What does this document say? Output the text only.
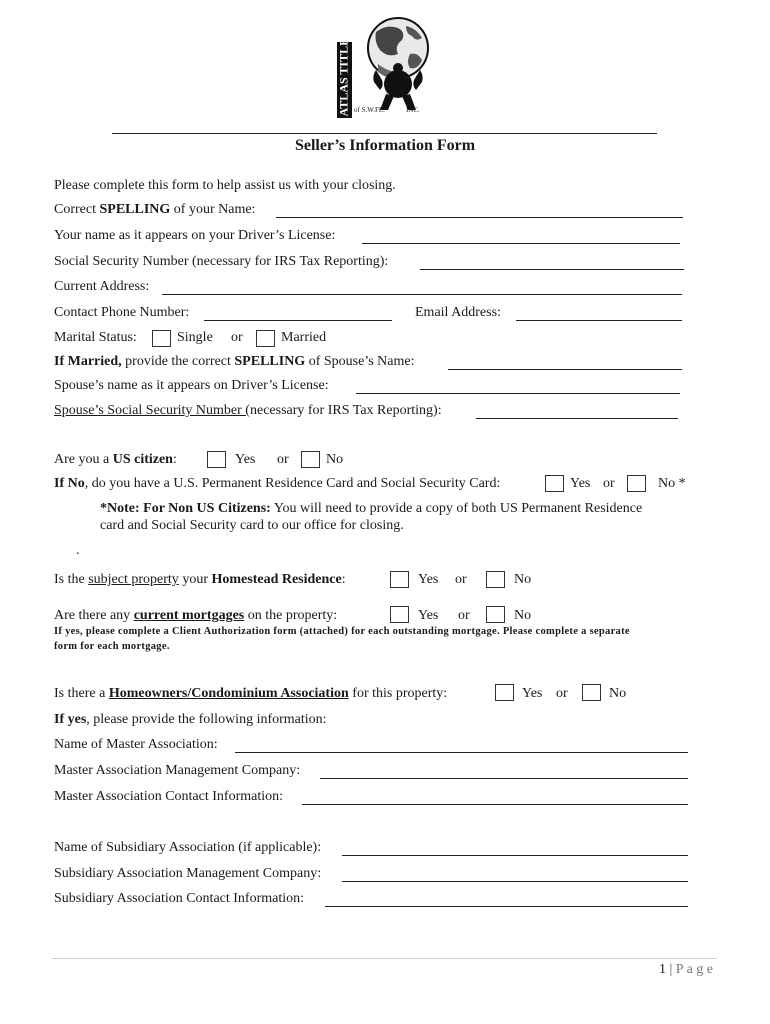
ATLAS TITLE of S.W.FL.	INC.
Seller’s Information Form
Please complete this form to help assist us with your closing.
Correct SPELLING of your Name:
Your name as it appears on your Driver’s License:
Social Security Number (necessary for IRS Tax Reporting):
Current Address:
Contact Phone Number:	Email Address:
Marital Status:	Single or	Married
If Married, provide the correct SPELLING of Spouse’s Name:
Spouse’s name as it appears on Driver’s License:
Spouse’s Social Security Number (necessary for IRS Tax Reporting):
Are you a US citizen:	Yes or	No
If No, do you have a U.S. Permanent Residence Card and Social Security Card:	Yes or	No *
*Note: For Non US Citizens: You will need to provide a copy of both US Permanent Residence
card and Social Security card to our office for closing.
.
Is the subject property your Homestead Residence:	Yes or	No
Are there any current mortgages on the property:	Yes or	No
If yes, please complete a Client Authorization form (attached) for each outstanding mortgage. Please complete a separate
form for each mortgage.
Is there a Homeowners/Condominium Association for this property:	Yes or	No
If yes, please provide the following information:
Name of Master Association:
Master Association Management Company:
Master Association Contact Information:
Name of Subsidiary Association (if applicable):
Subsidiary Association Management Company:
Subsidiary Association Contact Information:
1 | P a g e
